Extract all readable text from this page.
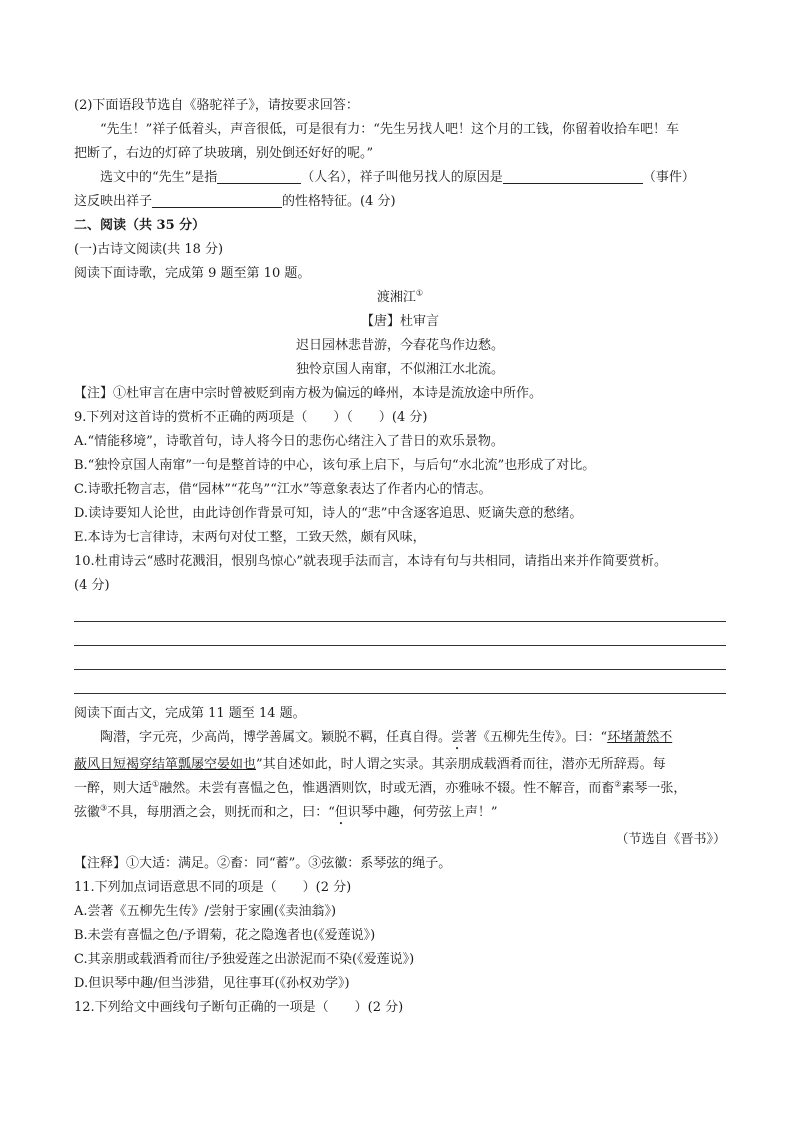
(2)下面语段节选自《骆驼祥子》，请按要求回答：
“先生！”祥子低着头，声音很低，可是很有力：“先生另找人吧！这个月的工钱，你留着收拾车吧！车
把断了，右边的灯碎了块玻璃，别处倒还好好的呢。”
选文中的“先生”是指	（人名），祥子叫他另找人的原因是	（事件）
这反映出祥子	的性格特征。(4 分)
二、阅读（共 35 分）
(一)古诗文阅读(共 18 分)
阅读下面诗歌，完成第 9 题至第 10 题。
渡湘江①
【唐】杜审言
迟日园林悲昔游，今春花鸟作边愁。
独怜京国人南窜，不似湘江水北流。
【注】①杜审言在唐中宗时曾被贬到南方极为偏远的峰州，本诗是流放途中所作。
9.下列对这首诗的赏析不正确的两项是（　　）（　　）(4 分)
A.“情能移境”，诗歌首句，诗人将今日的悲伤心绪注入了昔日的欢乐景物。
B.“独怜京国人南窜”一句是整首诗的中心，该句承上启下，与后句“水北流”也形成了对比。
C.诗歌托物言志，借“园林”“花鸟”“江水”等意象表达了作者内心的情志。
D.读诗要知人论世，由此诗创作背景可知，诗人的“悲”中含逐客追思、贬谪失意的愁绪。
E.本诗为七言律诗，末两句对仗工整，工致天然，颇有风味，
10.杜甫诗云“感时花溅泪，恨别鸟惊心”就表现手法而言，本诗有句与共相同，请指出来并作简要赏析。
(4 分)
阅读下面古文，完成第 11 题至 14 题。
陶潜，字元亮，少高尚，博学善属文。颖脱不羁，任真自得。尝著《五柳先生传》。曰：“环堵萧然不
蔽风日短褐穿结箪瓢屡空晏如也”其自述如此，时人谓之实录。其亲朋成载酒肴而往，潜亦无所辞焉。每
一醉，则大适①融然。未尝有喜愠之色，惟遇酒则饮，时或无酒，亦雅咏不辍。性不解音，而畜②素琴一张，
弦徽③不具，每朋酒之会，则抚而和之，曰：“但识琴中趣，何劳弦上声！”
（节选自《晋书》）
【注释】①大适：满足。②畜：同“蓄”。③弦徽：系琴弦的绳子。
11.下列加点词语意思不同的项是（　　）(2 分)
A.尝著《五柳先生传》/尝射于家圃(《卖油翁》)
B.未尝有喜愠之色/予谓菊，花之隐逸者也(《爱莲说》)
C.其亲朋或载酒肴而往/予独爱莲之出淤泥而不染(《爱莲说》)
D.但识琴中趣/但当涉猎，见往事耳(《孙权劝学》)
12.下列给文中画线句子断句正确的一项是（　　）(2 分)
